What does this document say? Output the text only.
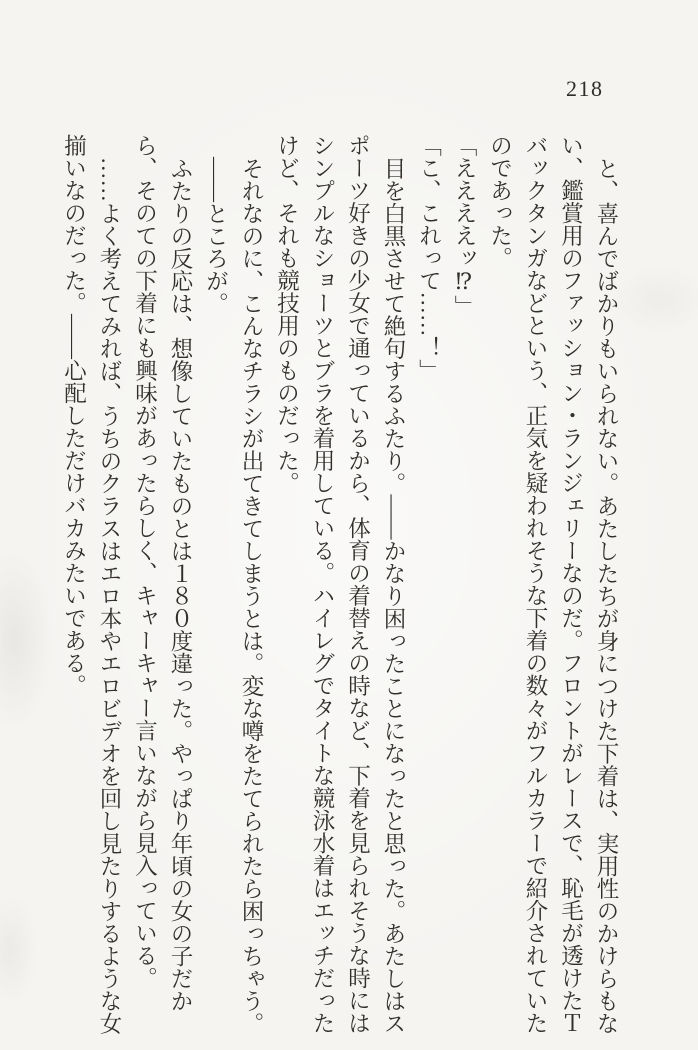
218

と、喜んでばかりもいられない。あたしたちが身につけた下着は、実用性のかけらもない、鑑賞用のファッション・ランジェリーなのだ。フロントがレースで、恥毛が透けたＴバックタンガなどという、正気を疑われそうな下着の数々がフルカラーで紹介されていたのであった。

「ええええッ⁉」

「こ、これって……！」

目を白黒させて絶句するふたり。――かなり困ったことになったと思った。あたしはスポーツ好きの少女で通っているから、体育の着替えの時など、下着を見られそうな時にはシンプルなショーツとブラを着用している。ハイレグでタイトな競泳水着はエッチだったけど、それも競技用のものだった。

それなのに、こんなチラシが出てきてしまうとは。変な噂をたてられたら困っちゃう。

――ところが。

ふたりの反応は、想像していたものとは１８０度違った。やっぱり年頃の女の子だから、そのての下着にも興味があったらしく、キャーキャー言いながら見入っている。

……よく考えてみれば、うちのクラスはエロ本やエロビデオを回し見たりするような女揃いなのだった。――心配しただけバカみたいである。
